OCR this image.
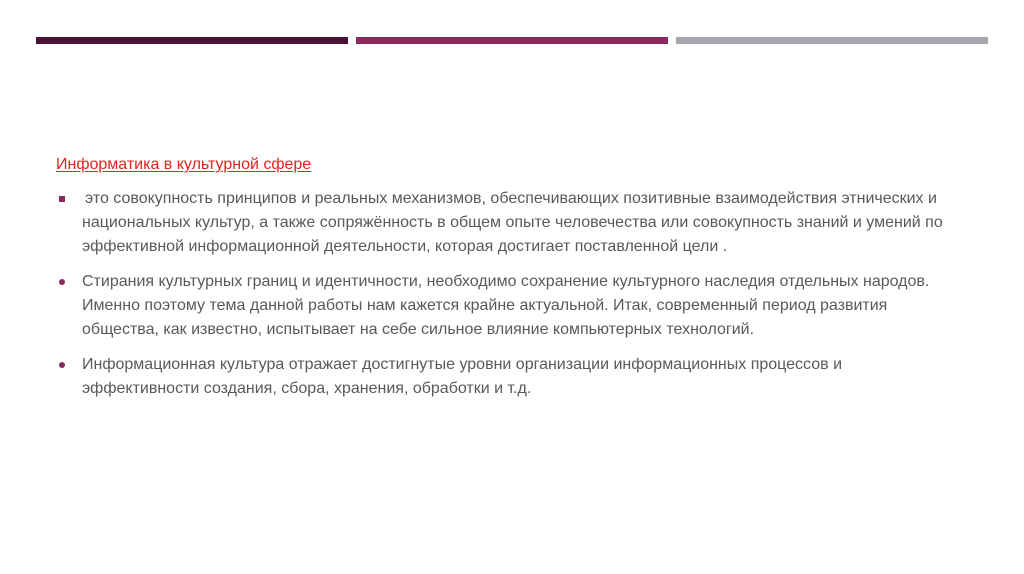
Информатика в культурной сфере
это совокупность принципов и реальных механизмов, обеспечивающих позитивные взаимодействия этнических и национальных культур, а также сопряжённость в общем опыте человечества или совокупность знаний и умений по эффективной информационной деятельности, которая достигает поставленной цели .
Стирания культурных границ и идентичности, необходимо сохранение культурного наследия отдельных народов. Именно поэтому тема данной работы нам кажется крайне актуальной. Итак, современный период развития общества, как известно, испытывает на себе сильное влияние компьютерных технологий.
Информационная культура отражает достигнутые уровни организации информационных процессов и эффективности создания, сбора, хранения, обработки и т.д.
